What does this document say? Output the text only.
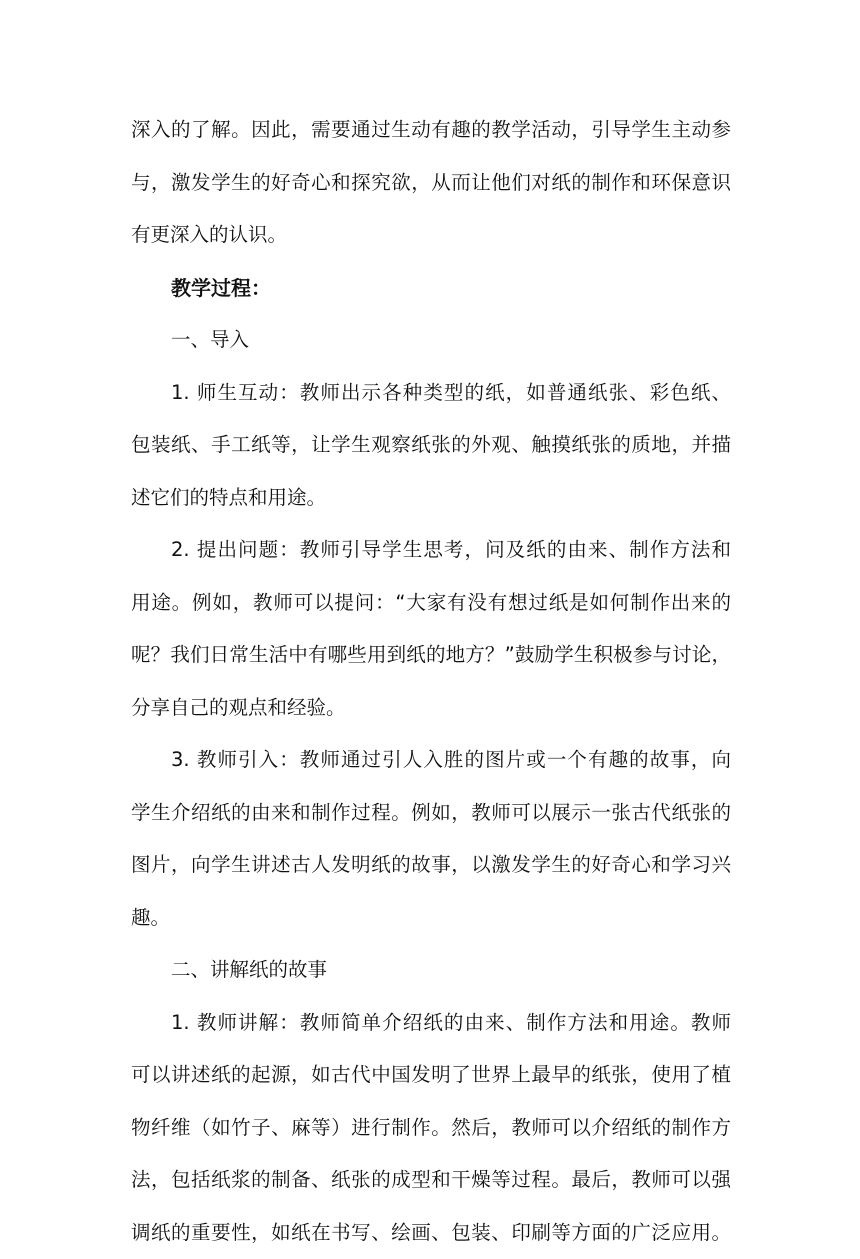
深入的了解。因此，需要通过生动有趣的教学活动，引导学生主动参
与，激发学生的好奇心和探究欲，从而让他们对纸的制作和环保意识
有更深入的认识。
教学过程：
一、导入
1. 师生互动：教师出示各种类型的纸，如普通纸张、彩色纸、
包装纸、手工纸等，让学生观察纸张的外观、触摸纸张的质地，并描
述它们的特点和用途。
2. 提出问题：教师引导学生思考，问及纸的由来、制作方法和
用途。例如，教师可以提问：“大家有没有想过纸是如何制作出来的
呢？我们日常生活中有哪些用到纸的地方？”鼓励学生积极参与讨论，
分享自己的观点和经验。
3. 教师引入：教师通过引人入胜的图片或一个有趣的故事，向
学生介绍纸的由来和制作过程。例如，教师可以展示一张古代纸张的
图片，向学生讲述古人发明纸的故事，以激发学生的好奇心和学习兴
趣。
二、讲解纸的故事
1. 教师讲解：教师简单介绍纸的由来、制作方法和用途。教师
可以讲述纸的起源，如古代中国发明了世界上最早的纸张，使用了植
物纤维（如竹子、麻等）进行制作。然后，教师可以介绍纸的制作方
法，包括纸浆的制备、纸张的成型和干燥等过程。最后，教师可以强
调纸的重要性，如纸在书写、绘画、包装、印刷等方面的广泛应用。
